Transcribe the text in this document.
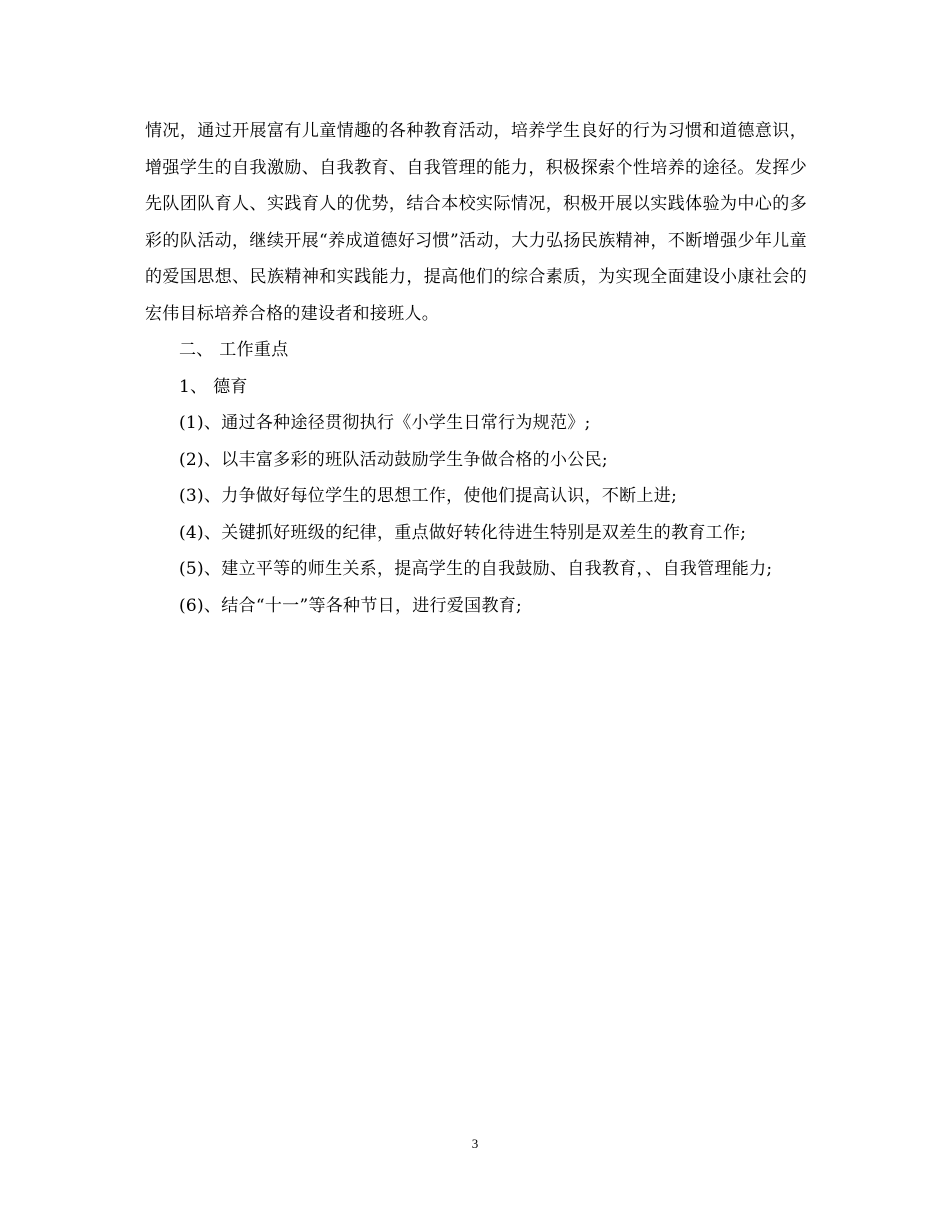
情况，通过开展富有儿童情趣的各种教育活动，培养学生良好的行为习惯和道德意识，增强学生的自我激励、自我教育、自我管理的能力，积极探索个性培养的途径。发挥少先队团队育人、实践育人的优势，结合本校实际情况，积极开展以实践体验为中心的多彩的队活动，继续开展“养成道德好习惯”活动，大力弘扬民族精神，不断增强少年儿童的爱国思想、民族精神和实践能力，提高他们的综合素质，为实现全面建设小康社会的宏伟目标培养合格的建设者和接班人。

二、 工作重点

1、 德育

(1)、通过各种途径贯彻执行《小学生日常行为规范》;

(2)、以丰富多彩的班队活动鼓励学生争做合格的小公民;

(3)、力争做好每位学生的思想工作，使他们提高认识，不断上进;

(4)、关键抓好班级的纪律，重点做好转化待进生特别是双差生的教育工作;

(5)、建立平等的师生关系，提高学生的自我鼓励、自我教育，、自我管理能力;

(6)、结合“十一”等各种节日，进行爱国教育;

3
